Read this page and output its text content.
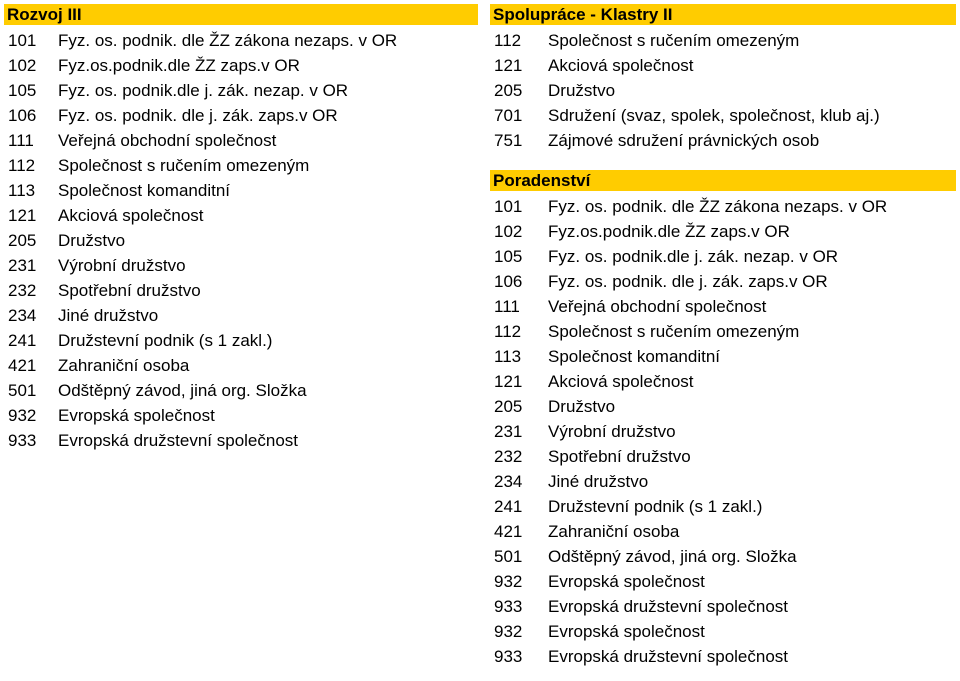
Rozvoj III
101	Fyz. os. podnik. dle ŽZ zákona nezaps. v OR
102	Fyz.os.podnik.dle ŽZ zaps.v OR
105	Fyz. os. podnik.dle j. zák. nezap. v OR
106	Fyz. os. podnik. dle j. zák. zaps.v OR
111	Veřejná obchodní společnost
112	Společnost s ručením omezeným
113	Společnost komanditní
121	Akciová společnost
205	Družstvo
231	Výrobní družstvo
232	Spotřební družstvo
234	Jiné družstvo
241	Družstevní podnik (s 1 zakl.)
421	Zahraniční osoba
501	Odštěpný závod, jiná org. Složka
932	Evropská společnost
933	Evropská družstevní společnost
Spolupráce - Klastry II
112	Společnost s ručením omezeným
121	Akciová společnost
205	Družstvo
701	Sdružení (svaz, spolek, společnost, klub aj.)
751	Zájmové sdružení právnických osob
Poradenství
101	Fyz. os. podnik. dle ŽZ zákona nezaps. v OR
102	Fyz.os.podnik.dle ŽZ zaps.v OR
105	Fyz. os. podnik.dle j. zák. nezap. v OR
106	Fyz. os. podnik. dle j. zák. zaps.v OR
111	Veřejná obchodní společnost
112	Společnost s ručením omezeným
113	Společnost komanditní
121	Akciová společnost
205	Družstvo
231	Výrobní družstvo
232	Spotřební družstvo
234	Jiné družstvo
241	Družstevní podnik (s 1 zakl.)
421	Zahraniční osoba
501	Odštěpný závod, jiná org. Složka
932	Evropská společnost
933	Evropská družstevní společnost
932	Evropská společnost
933	Evropská družstevní společnost
